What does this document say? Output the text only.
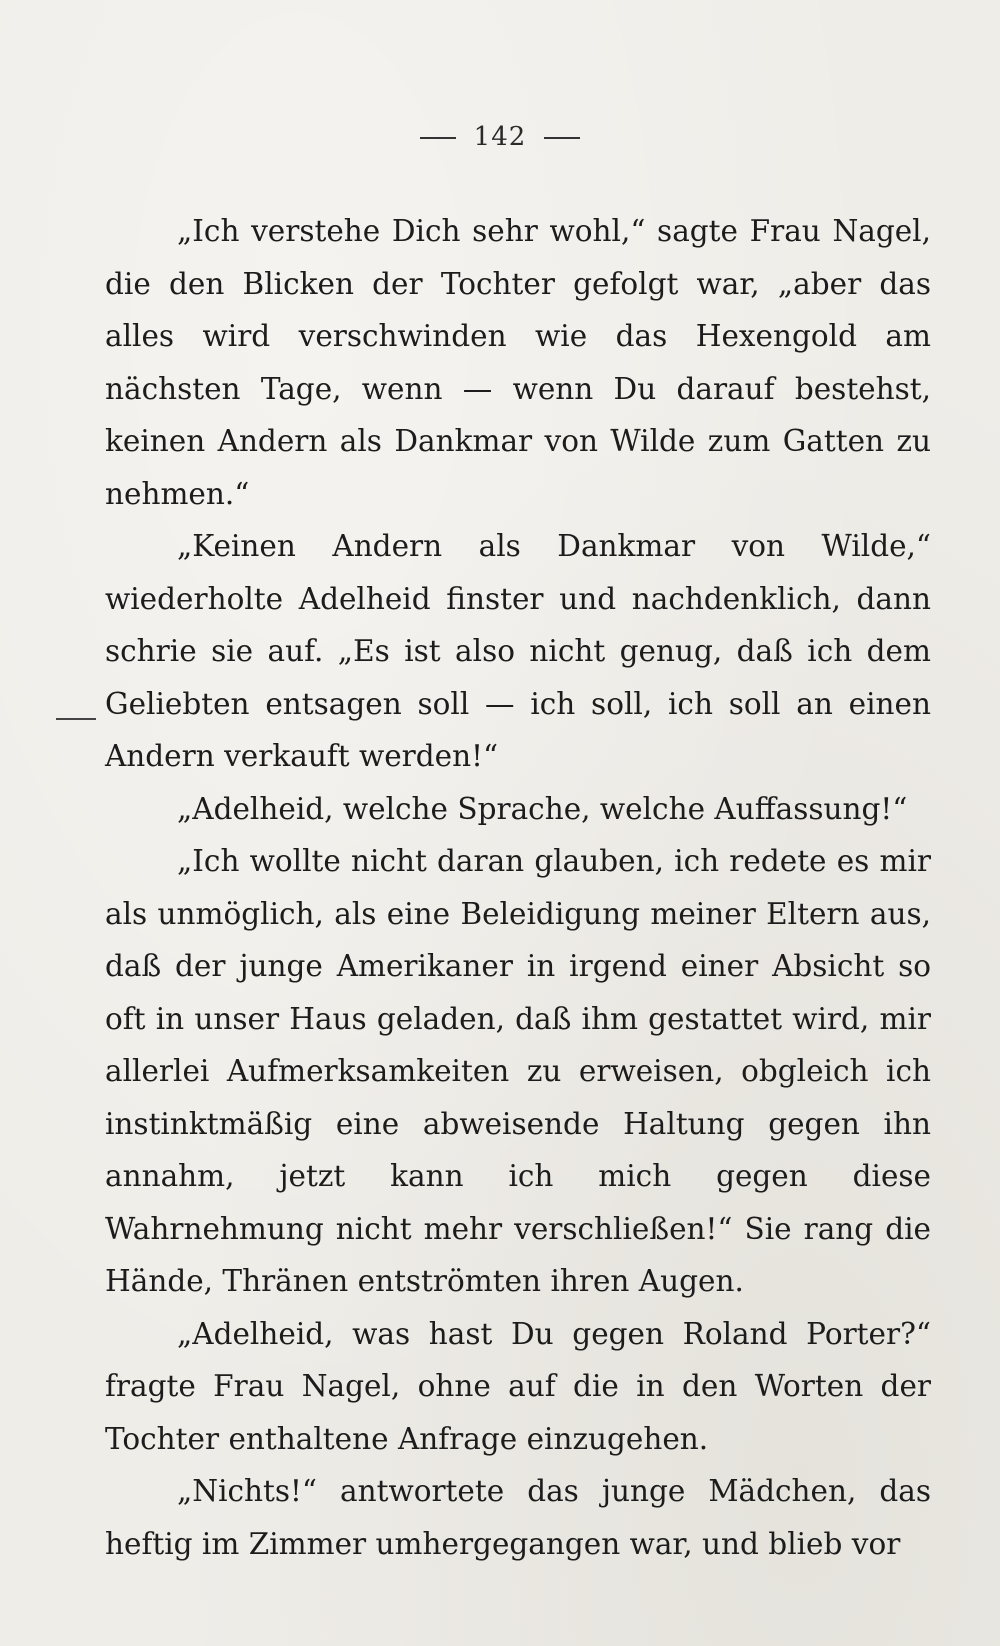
142

„Ich verstehe Dich sehr wohl,“ sagte Frau Nagel, die den Blicken der Tochter gefolgt war, „aber das alles wird verschwinden wie das Hexengold am nächsten Tage, wenn — wenn Du darauf bestehst, keinen Andern als Dankmar von Wilde zum Gatten zu nehmen.“

„Keinen Andern als Dankmar von Wilde,“ wiederholte Adelheid finster und nachdenklich, dann schrie sie auf. „Es ist also nicht genug, daß ich dem Geliebten entsagen soll — ich soll, ich soll an einen Andern verkauft werden!“

„Adelheid, welche Sprache, welche Auffassung!“

„Ich wollte nicht daran glauben, ich redete es mir als unmöglich, als eine Beleidigung meiner Eltern aus, daß der junge Amerikaner in irgend einer Absicht so oft in unser Haus geladen, daß ihm gestattet wird, mir allerlei Aufmerksamkeiten zu erweisen, obgleich ich instinktmäßig eine abweisende Haltung gegen ihn annahm, jetzt kann ich mich gegen diese Wahrnehmung nicht mehr verschließen!“ Sie rang die Hände, Thränen entströmten ihren Augen.

„Adelheid, was hast Du gegen Roland Porter?“ fragte Frau Nagel, ohne auf die in den Worten der Tochter enthaltene Anfrage einzugehen.

„Nichts!“ antwortete das junge Mädchen, das heftig im Zimmer umhergegangen war, und blieb vor
